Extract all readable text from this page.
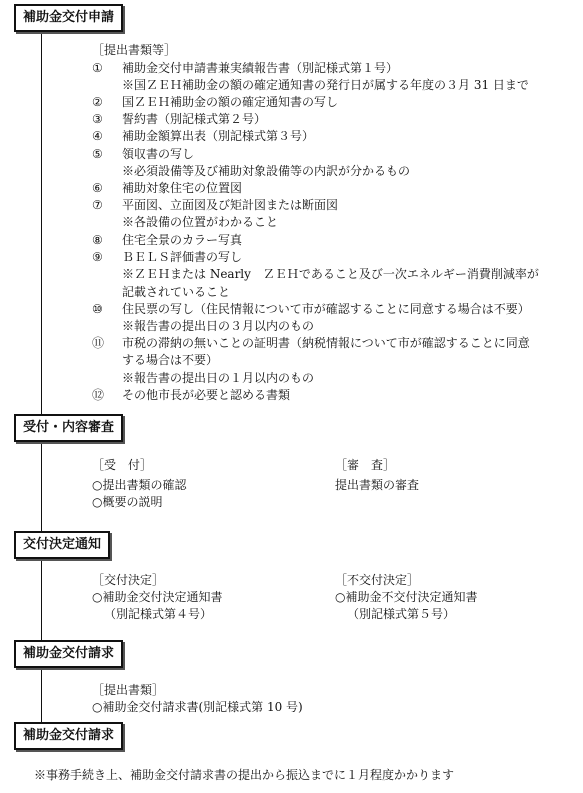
補助金交付申請
受付・内容審査
交付決定通知
補助金交付請求
補助金交付請求
［提出書類等］
①	補助金交付申請書兼実績報告書（別記様式第１号）
※国ＺＥＨ補助金の額の確定通知書の発行日が属する年度の３月 31 日まで
②	国ＺＥＨ補助金の額の確定通知書の写し
③	誓約書（別記様式第２号）
④	補助金額算出表（別記様式第３号）
⑤	領収書の写し
※必須設備等及び補助対象設備等の内訳が分かるもの
⑥	補助対象住宅の位置図
⑦	平面図、立面図及び矩計図または断面図
※各設備の位置がわかること
⑧	住宅全景のカラー写真
⑨	ＢＥＬＳ評価書の写し
※ＺＥＨまたは Nearly　ＺＥＨであること及び一次エネルギー消費削減率が
記載されていること
⑩	住民票の写し（住民情報について市が確認することに同意する場合は不要）
※報告書の提出日の３月以内のもの
⑪	市税の滞納の無いことの証明書（納税情報について市が確認することに同意
する場合は不要）
※報告書の提出日の１月以内のもの
⑫	その他市長が必要と認める書類
［受　付］
○提出書類の確認
○概要の説明
［審　査］
提出書類の審査
［交付決定］
○補助金交付決定通知書
（別記様式第４号）
［不交付決定］
○補助金不交付決定通知書
（別記様式第５号）
［提出書類］
○補助金交付請求書(別記様式第 10 号)
※事務手続き上、補助金交付請求書の提出から振込までに１月程度かかります
